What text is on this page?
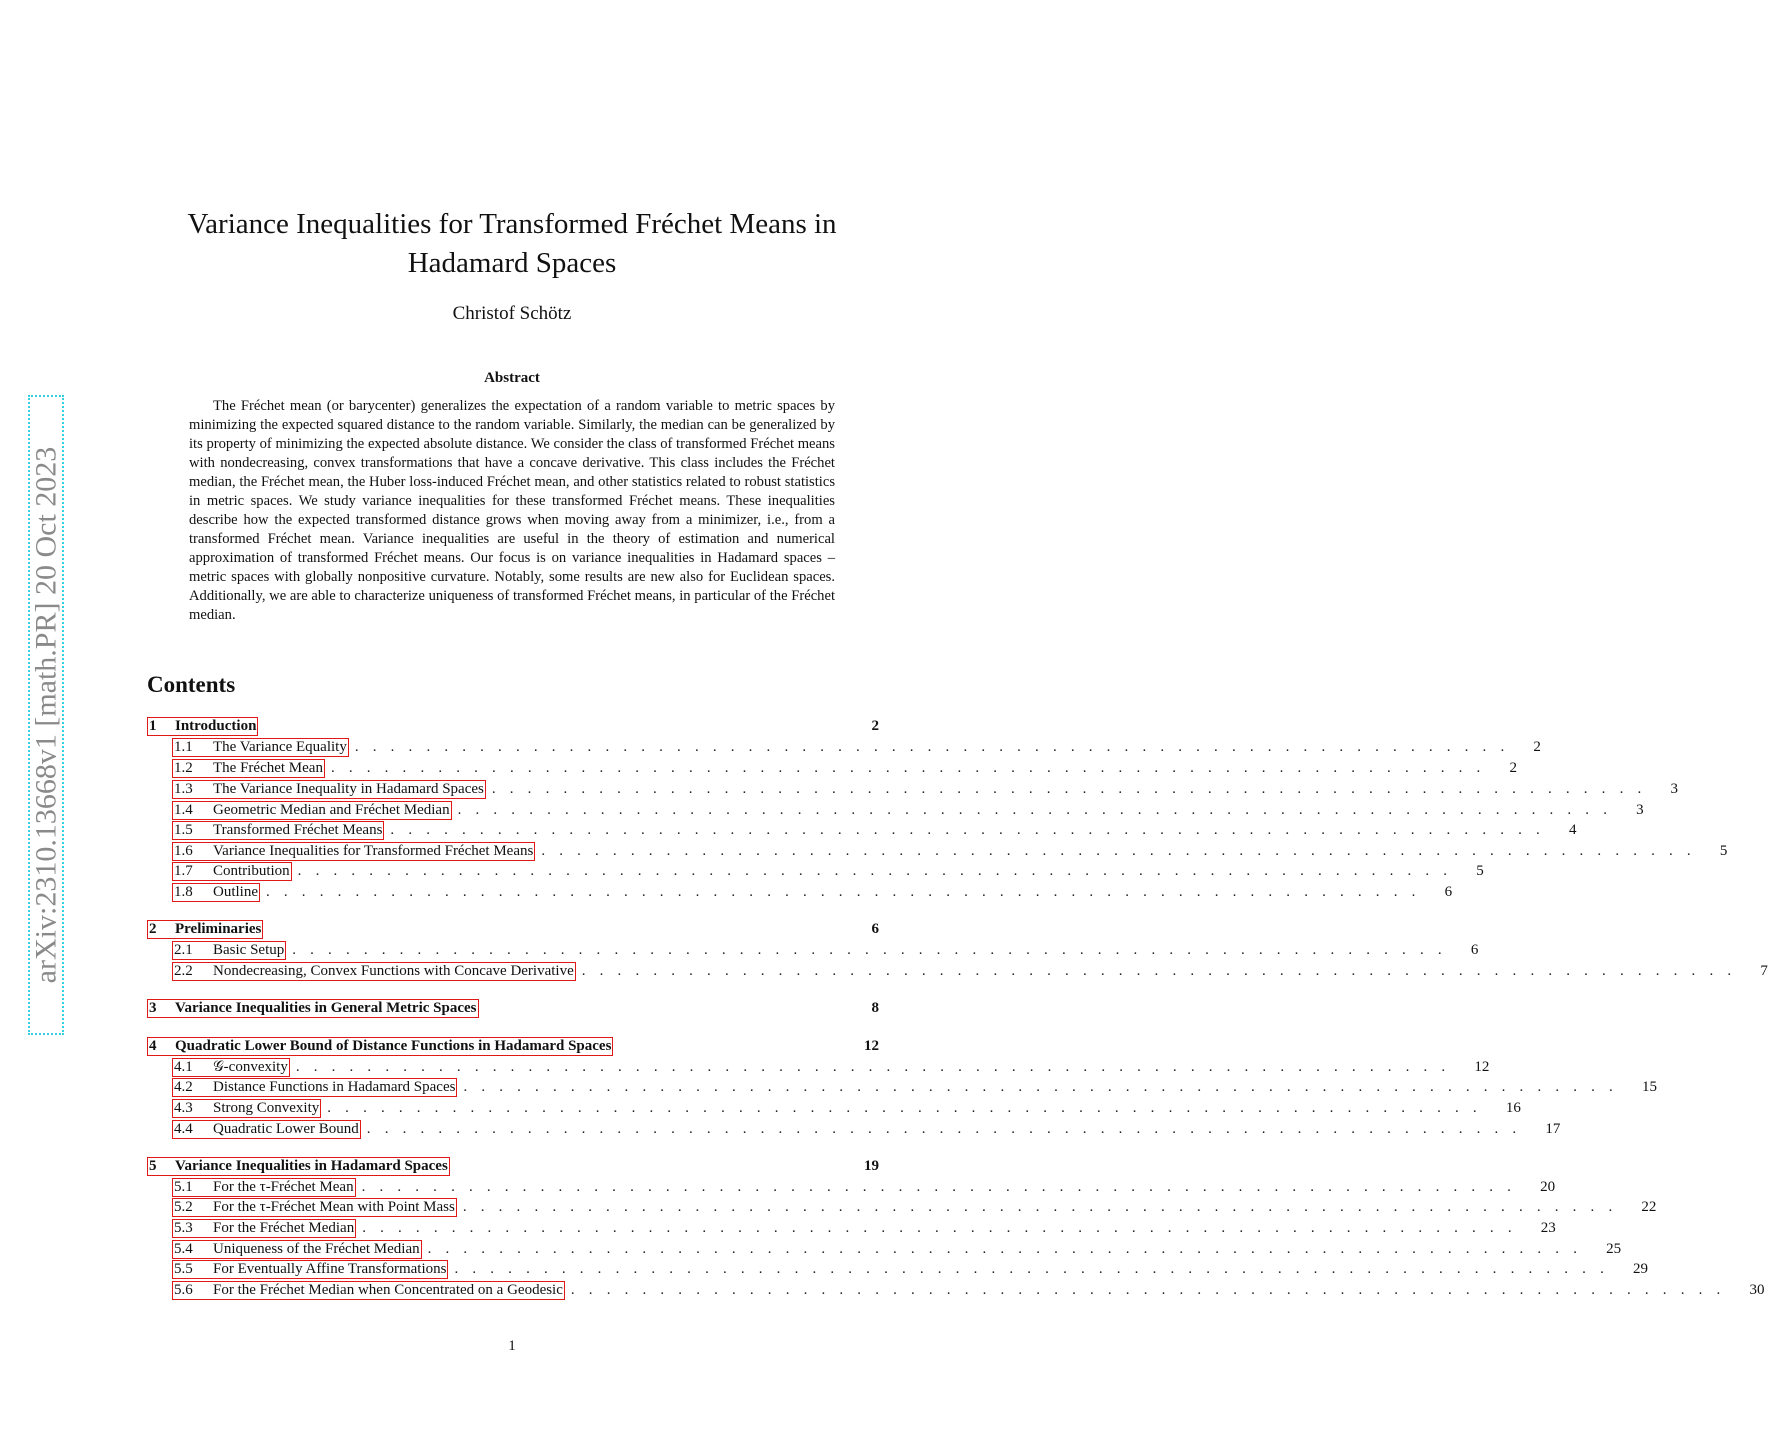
arXiv:2310.13668v1 [math.PR] 20 Oct 2023
Variance Inequalities for Transformed Fréchet Means in Hadamard Spaces
Christof Schötz
Abstract

The Fréchet mean (or barycenter) generalizes the expectation of a random variable to metric spaces by minimizing the expected squared distance to the random variable. Similarly, the median can be generalized by its property of minimizing the expected absolute distance. We consider the class of transformed Fréchet means with nondecreasing, convex transformations that have a concave derivative. This class includes the Fréchet median, the Fréchet mean, the Huber loss-induced Fréchet mean, and other statistics related to robust statistics in metric spaces. We study variance inequalities for these transformed Fréchet means. These inequalities describe how the expected transformed distance grows when moving away from a minimizer, i.e., from a transformed Fréchet mean. Variance inequalities are useful in the theory of estimation and numerical approximation of transformed Fréchet means. Our focus is on variance inequalities in Hadamard spaces – metric spaces with globally nonpositive curvature. Notably, some results are new also for Euclidean spaces. Additionally, we are able to characterize uniqueness of transformed Fréchet means, in particular of the Fréchet median.

Contents
1	Introduction	2
1.1	The Variance Equality . . . . . . . . . . . . . . . . . . . . . . . . . . . . . . . . . . . . . . . . . . . . . . . . . . . . . . . . . . . . . . . . . 2
1.2	The Fréchet Mean . . . . . . . . . . . . . . . . . . . . . . . . . . . . . . . . . . . . . . . . . . . . . . . . . . . . . . . . . . . . . . . . . 2
1.3	The Variance Inequality in Hadamard Spaces . . . . . . . . . . . . . . . . . . . . . . . . . . . . . . . . . . . . . . . . . . . . . . . . . . . . . . . . . . . . . . . . . 3
1.4	Geometric Median and Fréchet Median . . . . . . . . . . . . . . . . . . . . . . . . . . . . . . . . . . . . . . . . . . . . . . . . . . . . . . . . . . . . . . . . . 3
1.5	Transformed Fréchet Means . . . . . . . . . . . . . . . . . . . . . . . . . . . . . . . . . . . . . . . . . . . . . . . . . . . . . . . . . . . . . . . . . 4
1.6	Variance Inequalities for Transformed Fréchet Means . . . . . . . . . . . . . . . . . . . . . . . . . . . . . . . . . . . . . . . . . . . . . . . . . . . . . . . . . . . . . . . . . 5
1.7	Contribution . . . . . . . . . . . . . . . . . . . . . . . . . . . . . . . . . . . . . . . . . . . . . . . . . . . . . . . . . . . . . . . . . 5
1.8	Outline . . . . . . . . . . . . . . . . . . . . . . . . . . . . . . . . . . . . . . . . . . . . . . . . . . . . . . . . . . . . . . . . . 6
2	Preliminaries	6
2.1	Basic Setup . . . . . . . . . . . . . . . . . . . . . . . . . . . . . . . . . . . . . . . . . . . . . . . . . . . . . . . . . . . . . . . . . 6
2.2	Nondecreasing, Convex Functions with Concave Derivative . . . . . . . . . . . . . . . . . . . . . . . . . . . . . . . . . . . . . . . . . . . . . . . . . . . . . . . . . . . . . . . . . 7
3	Variance Inequalities in General Metric Spaces	8
4	Quadratic Lower Bound of Distance Functions in Hadamard Spaces	12
4.1	𝒢-convexity . . . . . . . . . . . . . . . . . . . . . . . . . . . . . . . . . . . . . . . . . . . . . . . . . . . . . . . . . . . . . . . . . 12
4.2	Distance Functions in Hadamard Spaces . . . . . . . . . . . . . . . . . . . . . . . . . . . . . . . . . . . . . . . . . . . . . . . . . . . . . . . . . . . . . . . . . 15
4.3	Strong Convexity . . . . . . . . . . . . . . . . . . . . . . . . . . . . . . . . . . . . . . . . . . . . . . . . . . . . . . . . . . . . . . . . . 16
4.4	Quadratic Lower Bound . . . . . . . . . . . . . . . . . . . . . . . . . . . . . . . . . . . . . . . . . . . . . . . . . . . . . . . . . . . . . . . . . 17
5	Variance Inequalities in Hadamard Spaces	19
5.1	For the τ-Fréchet Mean . . . . . . . . . . . . . . . . . . . . . . . . . . . . . . . . . . . . . . . . . . . . . . . . . . . . . . . . . . . . . . . . . 20
5.2	For the τ-Fréchet Mean with Point Mass . . . . . . . . . . . . . . . . . . . . . . . . . . . . . . . . . . . . . . . . . . . . . . . . . . . . . . . . . . . . . . . . . 22
5.3	For the Fréchet Median . . . . . . . . . . . . . . . . . . . . . . . . . . . . . . . . . . . . . . . . . . . . . . . . . . . . . . . . . . . . . . . . . 23
5.4	Uniqueness of the Fréchet Median . . . . . . . . . . . . . . . . . . . . . . . . . . . . . . . . . . . . . . . . . . . . . . . . . . . . . . . . . . . . . . . . . 25
5.5	For Eventually Affine Transformations . . . . . . . . . . . . . . . . . . . . . . . . . . . . . . . . . . . . . . . . . . . . . . . . . . . . . . . . . . . . . . . . . 29
5.6	For the Fréchet Median when Concentrated on a Geodesic . . . . . . . . . . . . . . . . . . . . . . . . . . . . . . . . . . . . . . . . . . . . . . . . . . . . . . . . . . . . . . . . . 30
1
